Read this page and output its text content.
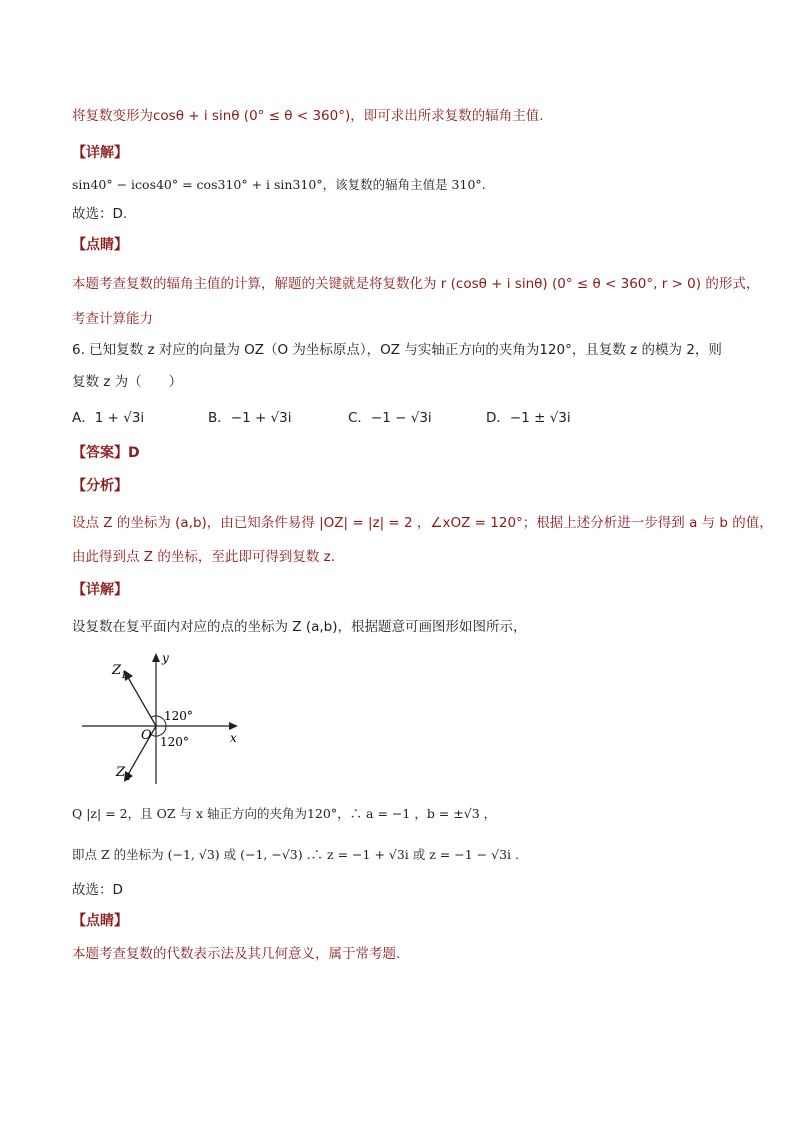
将复数变形为cosθ + i sinθ (0° ≤ θ < 360°)，即可求出所求复数的辐角主值.
【详解】
sin40° − icos40° = cos310° + i sin310°，该复数的辐角主值是 310°.
故选：D.
【点睛】
本题考查复数的辐角主值的计算，解题的关键就是将复数化为 r (cosθ + i sinθ) (0° ≤ θ < 360°, r > 0) 的形式，
考查计算能力
6. 已知复数 z 对应的向量为 OZ（O 为坐标原点），OZ 与实轴正方向的夹角为120°，且复数 z 的模为 2，则
复数 z 为（　　）
A．1 + √3i	B．−1 + √3i	C．−1 − √3i	D．−1 ± √3i
【答案】D
【分析】
设点 Z 的坐标为 (a,b)，由已知条件易得 |OZ| = |z| = 2 ，∠xOZ = 120°；根据上述分析进一步得到 a 与 b 的值，
由此得到点 Z 的坐标，至此即可得到复数 z.
【详解】
设复数在复平面内对应的点的坐标为 Z (a,b)，根据题意可画图形如图所示，
$Z_1$
$Z_2$
O	x
y
120°
120°
Q |z| = 2，且 OZ 与 x 轴正方向的夹角为120°，∴ a = −1 ，b = ±√3 ，
即点 Z 的坐标为 (−1, √3) 或 (−1, −√3) .∴ z = −1 + √3i 或 z = −1 − √3i .
故选：D
【点睛】
本题考查复数的代数表示法及其几何意义，属于常考题.
